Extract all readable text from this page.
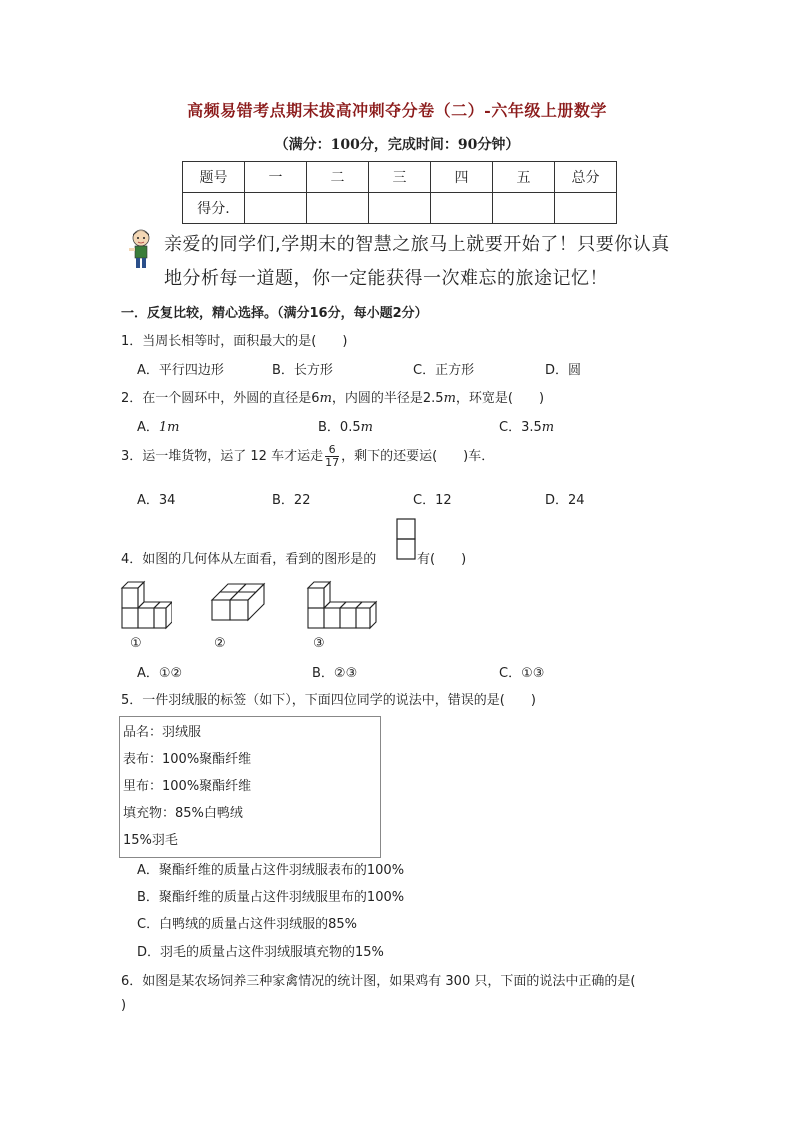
高频易错考点期末拔高冲刺夺分卷（二）-六年级上册数学
（满分：100分，完成时间：90分钟）
题号	一	二	三	四	五	总分
得分.						
亲爱的同学们,学期末的智慧之旅马上就要开始了！只要你认真
地分析每一道题，你一定能获得一次难忘的旅途记忆！
一．反复比较，精心选择。（满分16分，每小题2分）
1．当周长相等时，面积最大的是(　　)
A．平行四边形	B．长方形	C．正方形	D．圆
2．在一个圆环中，外圆的直径是6m，内圆的半径是2.5m，环宽是(　　)
A．1m	B．0.5m	C．3.5m
3．运一堆货物，运了 12 车才运走 $\frac{6}{17}$ ，剩下的还要运(　　)车．
A．34	B．22	C．12	D．24
4．如图的几何体从左面看，看到的图形是的	有(　　)
①	②	③
A．①②	B．②③	C．①③
5．一件羽绒服的标签（如下），下面四位同学的说法中，错误的是(　　)
品名：羽绒服
表布：100%聚酯纤维
里布：100%聚酯纤维
填充物：85%白鸭绒
15%羽毛
A．聚酯纤维的质量占这件羽绒服表布的100%
B．聚酯纤维的质量占这件羽绒服里布的100%
C．白鸭绒的质量占这件羽绒服的85%
D．羽毛的质量占这件羽绒服填充物的15%
6．如图是某农场饲养三种家禽情况的统计图，如果鸡有 300 只，下面的说法中正确的是(
)
